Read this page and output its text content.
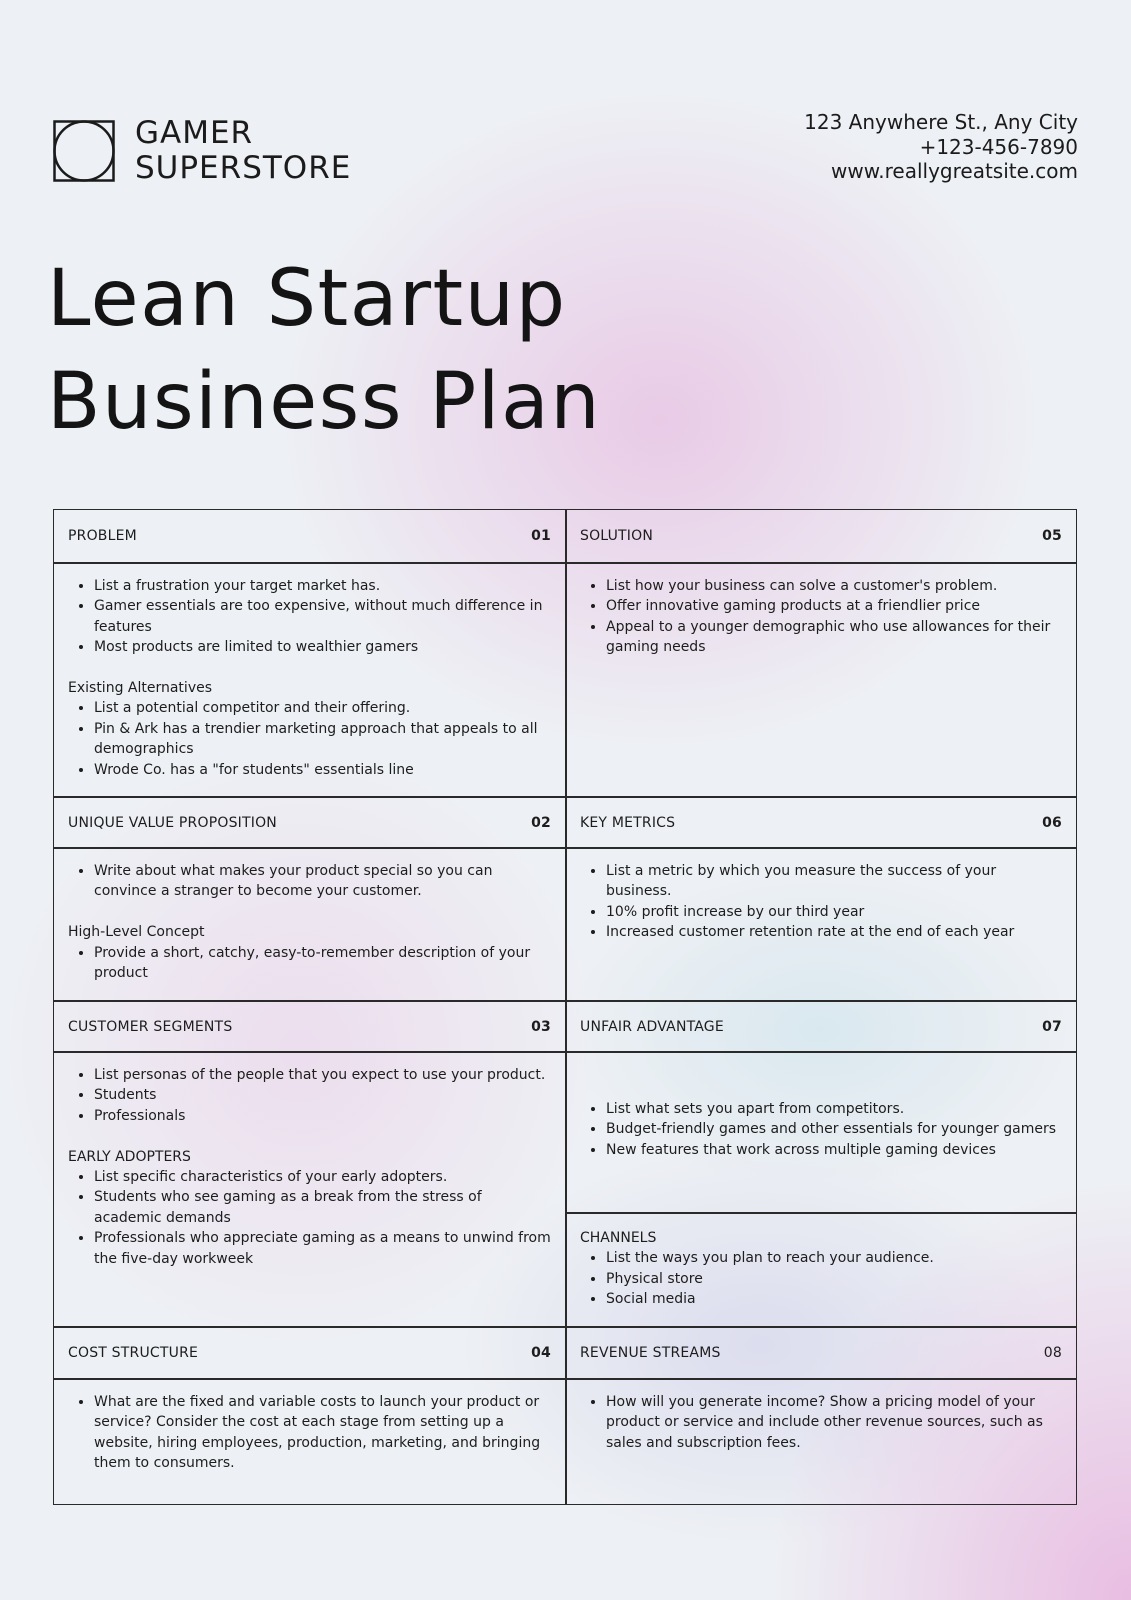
GAMER
SUPERSTORE
123 Anywhere St., Any City
+123-456-7890
www.reallygreatsite.com
Lean Startup
Business Plan
PROBLEM	01
• List a frustration your target market has.
• Gamer essentials are too expensive, without much difference in features
• Most products are limited to wealthier gamers
Existing Alternatives
• List a potential competitor and their offering.
• Pin & Ark has a trendier marketing approach that appeals to all demographics
• Wrode Co. has a "for students" essentials line
SOLUTION	05
• List how your business can solve a customer's problem.
• Offer innovative gaming products at a friendlier price
• Appeal to a younger demographic who use allowances for their gaming needs
UNIQUE VALUE PROPOSITION	02
• Write about what makes your product special so you can convince a stranger to become your customer.
High-Level Concept
• Provide a short, catchy, easy-to-remember description of your product
KEY METRICS	06
• List a metric by which you measure the success of your business.
• 10% profit increase by our third year
• Increased customer retention rate at the end of each year
CUSTOMER SEGMENTS	03
• List personas of the people that you expect to use your product.
• Students
• Professionals
EARLY ADOPTERS
• List specific characteristics of your early adopters.
• Students who see gaming as a break from the stress of academic demands
• Professionals who appreciate gaming as a means to unwind from the five-day workweek
UNFAIR ADVANTAGE	07
• List what sets you apart from competitors.
• Budget-friendly games and other essentials for younger gamers
• New features that work across multiple gaming devices
CHANNELS
• List the ways you plan to reach your audience.
• Physical store
• Social media
COST STRUCTURE	04
• What are the fixed and variable costs to launch your product or service? Consider the cost at each stage from setting up a website, hiring employees, production, marketing, and bringing them to consumers.
REVENUE STREAMS	08
• How will you generate income? Show a pricing model of your product or service and include other revenue sources, such as sales and subscription fees.
